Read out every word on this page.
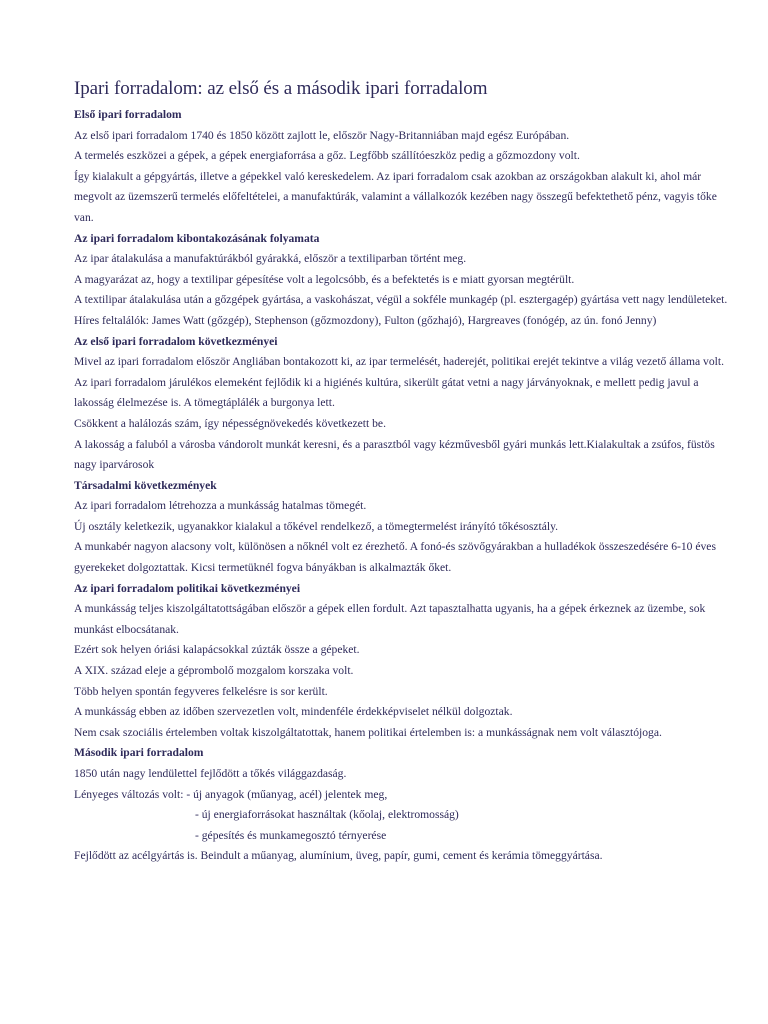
Ipari forradalom: az első és a második ipari forradalom
Első ipari forradalom
Az első ipari forradalom 1740 és 1850 között zajlott le, először Nagy-Britanniában majd egész Európában.
A termelés eszközei a gépek, a gépek energiaforrása a gőz. Legfőbb szállítóeszköz pedig a gőzmozdony volt.
Így kialakult a gépgyártás, illetve a gépekkel való kereskedelem. Az ipari forradalom csak azokban az országokban alakult ki, ahol már megvolt az üzemszerű termelés előfeltételei, a manufaktúrák, valamint a vállalkozók kezében nagy összegű befektethető pénz, vagyis tőke van.
Az ipari forradalom kibontakozásának folyamata
Az ipar átalakulása a manufaktúrákból gyárakká, először a textiliparban történt meg.
A magyarázat az, hogy a textilipar gépesítése volt a legolcsóbb, és a befektetés is e miatt gyorsan megtérült.
A textilipar átalakulása után a gőzgépek gyártása, a vaskohászat, végül a sokféle munkagép (pl. esztergagép) gyártása vett nagy lendületeket.
Híres feltalálók: James Watt (gőzgép), Stephenson (gőzmozdony), Fulton (gőzhajó), Hargreaves (fonógép, az ún. fonó Jenny)
Az első ipari forradalom következményei
Mivel az ipari forradalom először Angliában bontakozott ki, az ipar termelését, haderejét, politikai erejét tekintve a világ vezető állama volt.
Az ipari forradalom járulékos elemeként fejlődik ki a higiénés kultúra, sikerült gátat vetni a nagy járványoknak, e mellett pedig javul a lakosság élelmezése is. A tömegtáplálék a burgonya lett.
Csökkent a halálozás szám, így népességnövekedés következett be.
A lakosság a faluból a városba vándorolt munkát keresni, és a parasztból vagy kézművesből gyári munkás lett.Kialakultak a zsúfos, füstös nagy iparvárosok
Társadalmi következmények
Az ipari forradalom létrehozza a munkásság hatalmas tömegét.
Új osztály keletkezik, ugyanakkor kialakul a tőkével rendelkező, a tömegtermelést irányító tőkésosztály.
A munkabér nagyon alacsony volt, különösen a nőknél volt ez érezhető. A fonó-és szövőgyárakban a hulladékok összeszedésére 6-10 éves gyerekeket dolgoztattak. Kicsi termetüknél fogva bányákban is alkalmazták őket.
Az ipari forradalom politikai következményei
A munkásság teljes kiszolgáltatottságában először a gépek ellen fordult. Azt tapasztalhatta ugyanis, ha a gépek érkeznek az üzembe, sok munkást elbocsátanak.
Ezért sok helyen óriási kalapácsokkal zúzták össze a gépeket.
A XIX. század eleje a géprombolő mozgalom korszaka volt.
Több helyen spontán fegyveres felkelésre is sor került.
A munkásság ebben az időben szervezetlen volt, mindenféle érdekképviselet nélkül dolgoztak.
Nem csak szociális értelemben voltak kiszolgáltatottak, hanem politikai értelemben is: a munkásságnak nem volt választójoga.
Második ipari forradalom
1850 után nagy lendülettel fejlődött a tőkés világgazdaság.
Lényeges változás volt: - új anyagok (műanyag, acél) jelentek meg,
- új energiaforrásokat használtak (kőolaj, elektromosság)
- gépesítés és munkamegosztó térnyerése
Fejlődött az acélgyártás is. Beindult a műanyag, alumínium, üveg, papír, gumi, cement és kerámia tömeggyártása.
